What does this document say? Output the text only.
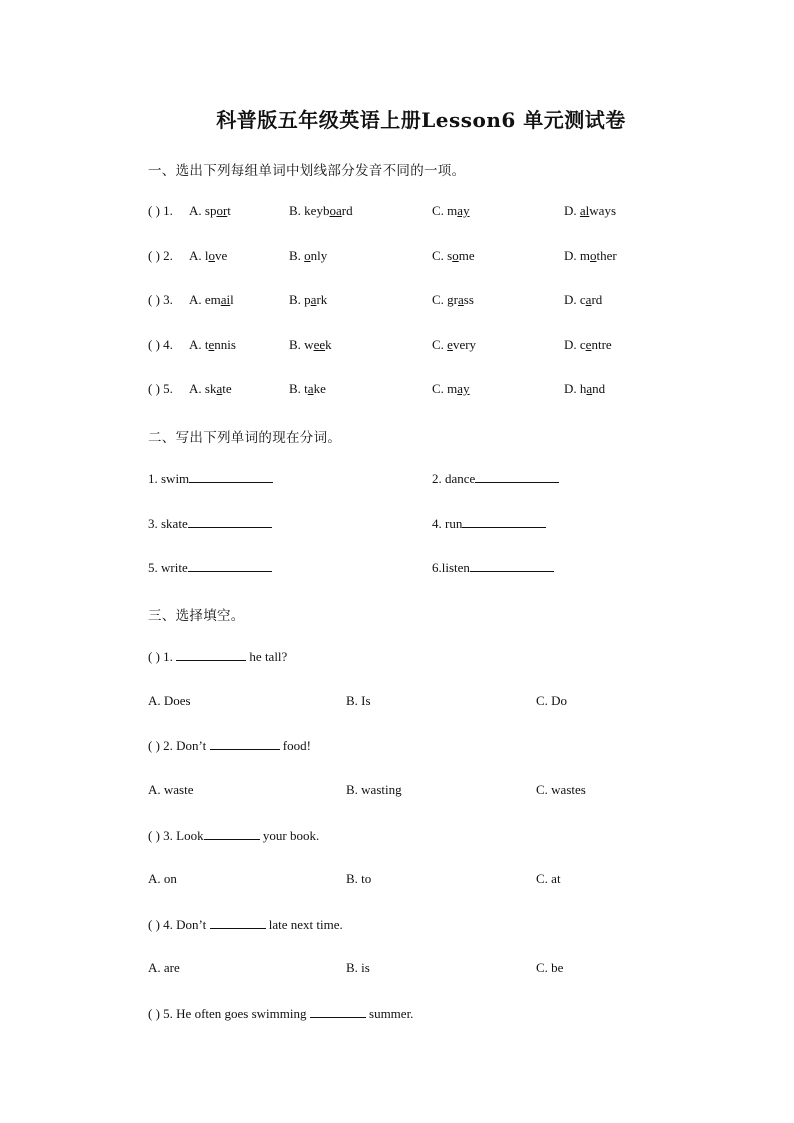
科普版五年级英语上册Lesson6 单元测试卷
一、选出下列每组单词中划线部分发音不同的一项。
( ) 1. A. sport	B. keyboard	C. may	D. always
( ) 2. A. love	B. only	C. some	D. mother
( ) 3. A. email	B. park	C. grass	D. card
( ) 4. A. tennis	B. week	C. every	D. centre
( ) 5. A. skate	B. take	C. may	D. hand
二、写出下列单词的现在分词。
1. swim	2. dance
3. skate	4. run
5. write	6.listen
三、选择填空。
( ) 1.	he tall?
A. Does	B. Is	C. Do
( ) 2. Don’t	food!
A. waste	B. wasting	C. wastes
( ) 3. Look	your book.
A. on	B. to	C. at
( ) 4. Don’t	late next time.
A. are	B. is	C. be
( ) 5. He often goes swimming	summer.
